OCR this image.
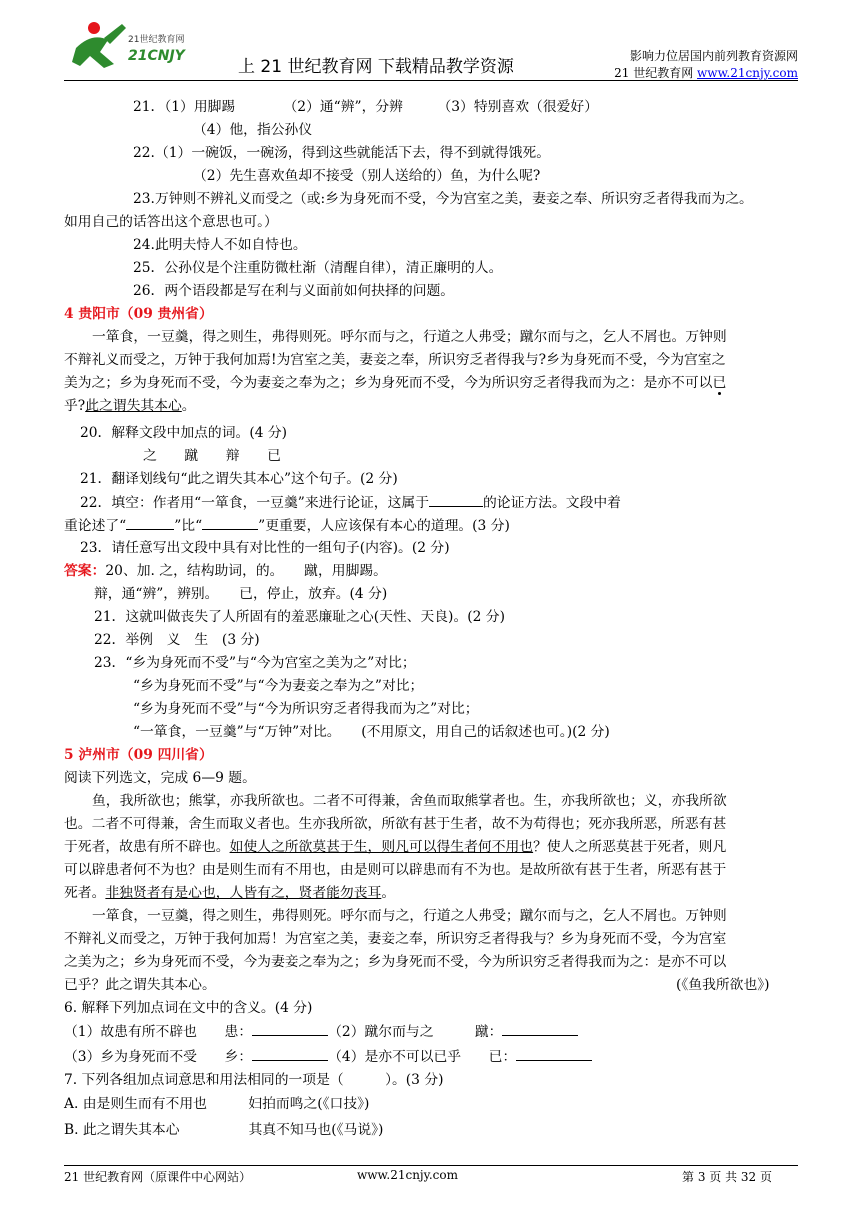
21世纪教育网
21CNJY
上 21 世纪教育网 下载精品教学资源
影响力位居国内前列教育资源网
21 世纪教育网 www.21cnjy.com
21．（1）用脚踢　　　　（2）通“辨”，分辨　　　（3）特别喜欢（很爱好）
（4）他，指公孙仪
22.（1）一碗饭，一碗汤，得到这些就能活下去，得不到就得饿死。
（2）先生喜欢鱼却不接受（别人送给的）鱼，为什么呢?
23.万钟则不辨礼义而受之（或:乡为身死而不受，今为宫室之美，妻妾之奉、所识穷乏者得我而为之。
如用自己的话答出这个意思也可。）
24.此明夫恃人不如自恃也。
25．公孙仪是个注重防微杜渐（清醒自律），清正廉明的人。
26．两个语段都是写在利与义面前如何抉择的问题。
4 贵阳市（09 贵州省）
一箪食，一豆羹，得之则生，弗得则死。呼尔而与之，行道之人弗受；蹴尔而与之，乞人不屑也。万钟则
不辩礼义而受之，万钟于我何加焉!为宫室之美，妻妾之奉，所识穷乏者得我与?乡为身死而不受，今为宫室之
美为之；乡为身死而不受，今为妻妾之奉为之；乡为身死而不受，今为所识穷乏者得我而为之：是亦不可以已
乎?此之谓失其本心。
20．解释文段中加点的词。(4 分)
之　　蹴　　辩　　已
21．翻译划线句“此之谓失其本心”这个句子。(2 分)
22．填空：作者用“一箪食，一豆羹”来进行论证，这属于	的论证方法。文段中着
重论述了“	”比“	”更重要，人应该保有本心的道理。(3 分)
23．请任意写出文段中具有对比性的一组句子(内容)。(2 分)
答案：20、加. 之，结构助词，的。　　蹴，用脚踢。
辩，通“辨”，辨别。　　已，停止，放弃。(4 分)
21．这就叫做丧失了人所固有的羞恶廉耻之心(天性、天良)。(2 分)
22．举例　义　生　(3 分)
23．“乡为身死而不受”与“今为宫室之美为之”对比；
“乡为身死而不受”与“今为妻妾之奉为之”对比；
“乡为身死而不受”与“今为所识穷乏者得我而为之”对比；
“一箪食，一豆羹”与“万钟”对比。　　(不用原文，用自己的话叙述也可。)(2 分)
5 泸州市（09 四川省）
阅读下列选文，完成 6—9 题。
鱼，我所欲也；熊掌，亦我所欲也。二者不可得兼，舍鱼而取熊掌者也。生，亦我所欲也；义，亦我所欲
也。二者不可得兼，舍生而取义者也。生亦我所欲，所欲有甚于生者，故不为苟得也；死亦我所恶，所恶有甚
于死者，故患有所不辟也。如使人之所欲莫甚于生，则凡可以得生者何不用也？使人之所恶莫甚于死者，则凡
可以辟患者何不为也？由是则生而有不用也，由是则可以辟患而有不为也。是故所欲有甚于生者，所恶有甚于
死者。非独贤者有是心也，人皆有之，贤者能勿丧耳。
一箪食，一豆羹，得之则生，弗得则死。呼尔而与之，行道之人弗受；蹴尔而与之，乞人不屑也。万钟则
不辩礼义而受之，万钟于我何加焉！为宫室之美，妻妾之奉，所识穷乏者得我与？乡为身死而不受，今为宫室
之美为之；乡为身死而不受，今为妻妾之奉为之；乡为身死而不受，今为所识穷乏者得我而为之：是亦不可以
已乎？此之谓失其本心。	(《鱼我所欲也》)
6. 解释下列加点词在文中的含义。(4 分)
（1）故患有所不辟也　　患：	（2）蹴尔而与之　　　蹴：
（3）乡为身死而不受　　乡：	（4）是亦不可以已乎　　已：
7. 下列各组加点词意思和用法相同的一项是（　　　）。(3 分)
A. 由是则生而有不用也　　　妇拍而鸣之(《口技》)
B. 此之谓失其本心　　　　　其真不知马也(《马说》)
21 世纪教育网（原课件中心网站）	www.21cnjy.com	第 3 页 共 32 页
